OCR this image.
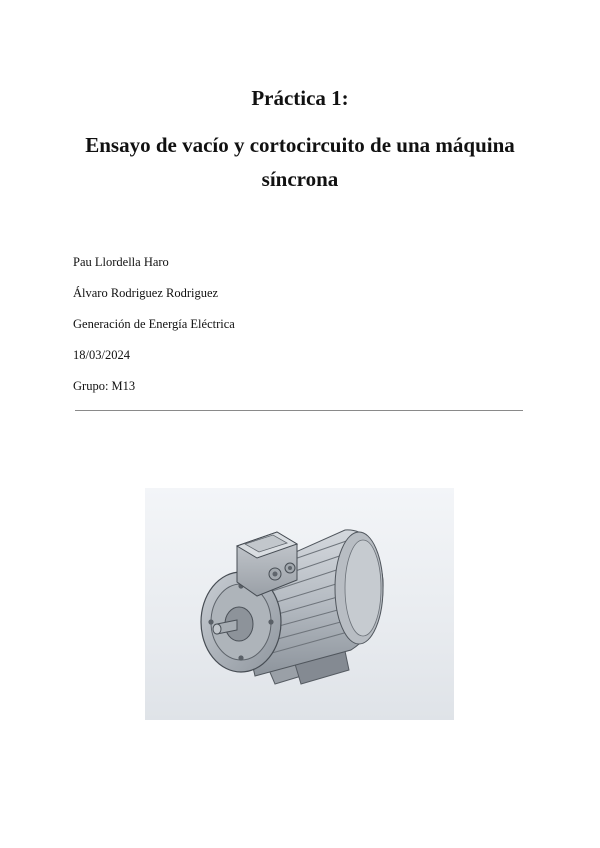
Práctica 1:
Ensayo de vacío y cortocircuito de una máquina síncrona
Pau Llordella Haro
Álvaro Rodriguez Rodriguez
Generación de Energía Eléctrica
18/03/2024
Grupo: M13
